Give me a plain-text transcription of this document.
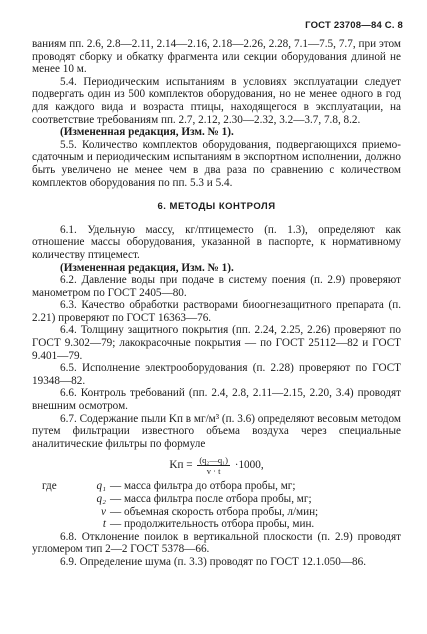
ГОСТ 23708—84 С. 8

ваниям пп. 2.6, 2.8—2.11, 2.14—2.16, 2.18—2.26, 2.28, 7.1—7.5, 7.7, при этом проводят сборку и обкатку фрагмента или секции оборудования длиной не менее 10 м.

5.4. Периодическим испытаниям в условиях эксплуатации следует подвергать один из 500 комплектов оборудования, но не менее одного в год для каждого вида и возраста птицы, находящегося в эксплуатации, на соответствие требованиям пп. 2.7, 2.12, 2.30—2.32, 3.2—3.7, 7.8, 8.2.

(Измененная редакция, Изм. № 1).

5.5. Количество комплектов оборудования, подвергающихся приемо-сдаточным и периодическим испытаниям в экспортном исполнении, должно быть увеличено не менее чем в два раза по сравнению с количеством комплектов оборудования по пп. 5.3 и 5.4.

6. МЕТОДЫ КОНТРОЛЯ

6.1. Удельную массу, кг/птицеместо (п. 1.3), определяют как отношение массы оборудования, указанной в паспорте, к нормативному количеству птицемест.

(Измененная редакция, Изм. № 1).

6.2. Давление воды при подаче в систему поения (п. 2.9) проверяют манометром по ГОСТ 2405—80.

6.3. Качество обработки растворами биоогнезащитного препарата (п. 2.21) проверяют по ГОСТ 16363—76.

6.4. Толщину защитного покрытия (пп. 2.24, 2.25, 2.26) проверяют по ГОСТ 9.302—79; лакокрасочные покрытия — по ГОСТ 25112—82 и ГОСТ 9.401—79.

6.5. Исполнение электрооборудования (п. 2.28) проверяют по ГОСТ 19348—82.

6.6. Контроль требований (пп. 2.4, 2.8, 2.11—2.15, 2.20, 3.4) проводят внешним осмотром.

6.7. Содержание пыли Kп в мг/м³ (п. 3.6) определяют весовым методом путем фильтрации известного объема воздуха через специальные аналитические фильтры по формуле

Kп = $\frac{\text{(q₂—q₁)}}{v \cdot t} \cdot 1000$,
где	q₁ — масса фильтра до отбора пробы, мг;
q₂ — масса фильтра после отбора пробы, мг;
v — объемная скорость отбора пробы, л/мин;
t — продолжительность отбора пробы, мин.

6.8. Отклонение поилок в вертикальной плоскости (п. 2.9) проводят угломером тип 2—2 ГОСТ 5378—66.

6.9. Определение шума (п. 3.3) проводят по ГОСТ 12.1.050—86.
